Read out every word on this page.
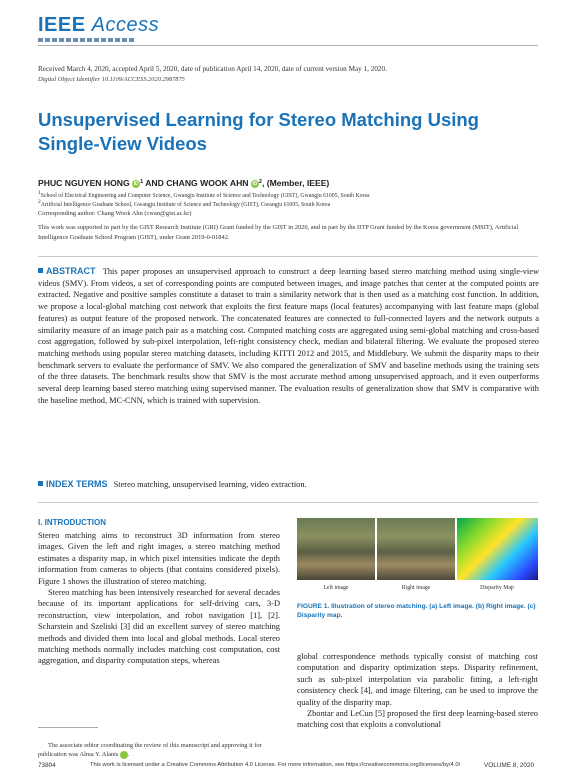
IEEE Access
Received March 4, 2020, accepted April 5, 2020, date of publication April 14, 2020, date of current version May 1, 2020.
Digital Object Identifier 10.1109/ACCESS.2020.2987875
Unsupervised Learning for Stereo Matching Using Single-View Videos
PHUC NGUYEN HONG iD $^1$ AND CHANG WOOK AHN iD $^2$, (Member, IEEE)
1School of Electrical Engineering and Computer Science, Gwangju Institute of Science and Technology (GIST), Gwangju 61005, South Korea
2Artificial Intelligence Graduate School, Gwangju Institute of Science and Technology (GIST), Gwangju 61005, South Korea
Corresponding author: Chang Wook Ahn (cwan@gist.ac.kr)
This work was supported in part by the GIST Research Institute (GRI) Grant funded by the GIST in 2020, and in part by the IITP Grant funded by the Korea government (MSIT), Artificial Intelligence Graduate School Program (GIST), under Grant 2019-0-01842.
ABSTRACT This paper proposes an unsupervised approach to construct a deep learning based stereo matching method using single-view videos (SMV). From videos, a set of corresponding points are computed between images, and image patches that center at the computed points are extracted. Negative and positive samples constitute a dataset to train a similarity network that is then used as a matching cost function. In addition, we propose a local-global matching cost network that exploits the first feature maps (local features) accompanying with last feature maps (global features) as output feature of the proposed network. The concatenated features are connected to full-connected layers and the network outputs a similarity measure of an image patch pair as a matching cost. Computed matching costs are aggregated using semi-global matching and cross-based cost aggregation, followed by sub-pixel interpolation, left-right consistency check, median and bilateral filtering. We evaluate the proposed stereo matching methods using popular stereo matching datasets, including KITTI 2012 and 2015, and Middlebury. We submit the disparity maps to their benchmark servers to evaluate the performance of SMV. We also compared the generalization of SMV and baseline methods using the training sets of the three datasets. The benchmark results show that SMV is the most accurate method among unsupervised approach, and it even outperforms several deep learning based stereo matching using supervised manner. The evaluation results of generalization show that SMV is comparative with the baseline method, MC-CNN, which is trained with supervision.
INDEX TERMS Stereo matching, unsupervised learning, video extraction.
I. INTRODUCTION

Stereo matching aims to reconstruct 3D information from stereo images. Given the left and right images, a stereo matching method estimates a disparity map, in which pixel intensities indicate the depth information from cameras to objects (that contains considered pixels). Figure 1 shows the illustration of stereo matching.

Stereo matching has been intensively researched for several decades because of its important applications for self-driving cars, 3-D reconstruction, view interpolation, and robot navigation [1], [2]. Scharstein and Szeliski [3] did an excellent survey of stereo matching methods and divided them into local and global methods. Local stereo matching methods normally includes matching cost computation, cost aggregation, and disparity computation steps, whereas

The associate editor coordinating the review of this manuscript and approving it for publication was Alma Y. Alanis iD.
Left image	Right image	Disparity Map
FIGURE 1. Illustration of stereo matching. (a) Left image. (b) Right image. (c) Disparity map.

global correspondence methods typically consist of matching cost computation and disparity optimization steps. Disparity refinement, such as sub-pixel interpolation via parabolic fitting, a left-right consistency check [4], and image filtering, can be used to improve the quality of the disparity map.

Zbontar and LeCun [5] proposed the first deep learning-based stereo matching cost that exploits a convolutional

73804	This work is licensed under a Creative Commons Attribution 4.0 License. For more information, see https://creativecommons.org/licenses/by/4.0/	VOLUME 8, 2020
